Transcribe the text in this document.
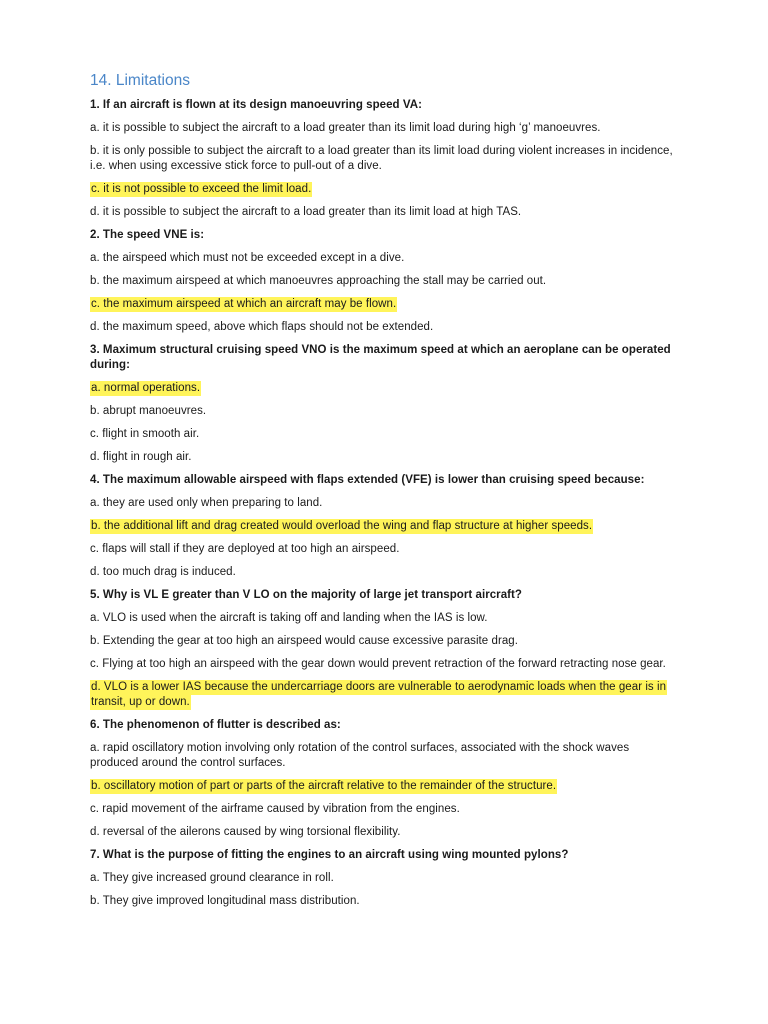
14. Limitations
1. If an aircraft is flown at its design manoeuvring speed VA:
a. it is possible to subject the aircraft to a load greater than its limit load during high ‘g’ manoeuvres.
b. it is only possible to subject the aircraft to a load greater than its limit load during violent increases in incidence, i.e. when using excessive stick force to pull-out of a dive.
c. it is not possible to exceed the limit load.
d. it is possible to subject the aircraft to a load greater than its limit load at high TAS.
2. The speed VNE is:
a. the airspeed which must not be exceeded except in a dive.
b. the maximum airspeed at which manoeuvres approaching the stall may be carried out.
c. the maximum airspeed at which an aircraft may be flown.
d. the maximum speed, above which flaps should not be extended.
3. Maximum structural cruising speed VNO is the maximum speed at which an aeroplane can be operated during:
a. normal operations.
b. abrupt manoeuvres.
c. flight in smooth air.
d. flight in rough air.
4. The maximum allowable airspeed with flaps extended (VFE) is lower than cruising speed because:
a. they are used only when preparing to land.
b. the additional lift and drag created would overload the wing and flap structure at higher speeds.
c. flaps will stall if they are deployed at too high an airspeed.
d. too much drag is induced.
5. Why is VL E greater than V LO on the majority of large jet transport aircraft?
a. VLO is used when the aircraft is taking off and landing when the IAS is low.
b. Extending the gear at too high an airspeed would cause excessive parasite drag.
c. Flying at too high an airspeed with the gear down would prevent retraction of the forward retracting nose gear.
d. VLO is a lower IAS because the undercarriage doors are vulnerable to aerodynamic loads when the gear is in transit, up or down.
6. The phenomenon of flutter is described as:
a. rapid oscillatory motion involving only rotation of the control surfaces, associated with the shock waves produced around the control surfaces.
b. oscillatory motion of part or parts of the aircraft relative to the remainder of the structure.
c. rapid movement of the airframe caused by vibration from the engines.
d. reversal of the ailerons caused by wing torsional flexibility.
7. What is the purpose of fitting the engines to an aircraft using wing mounted pylons?
a. They give increased ground clearance in roll.
b. They give improved longitudinal mass distribution.
